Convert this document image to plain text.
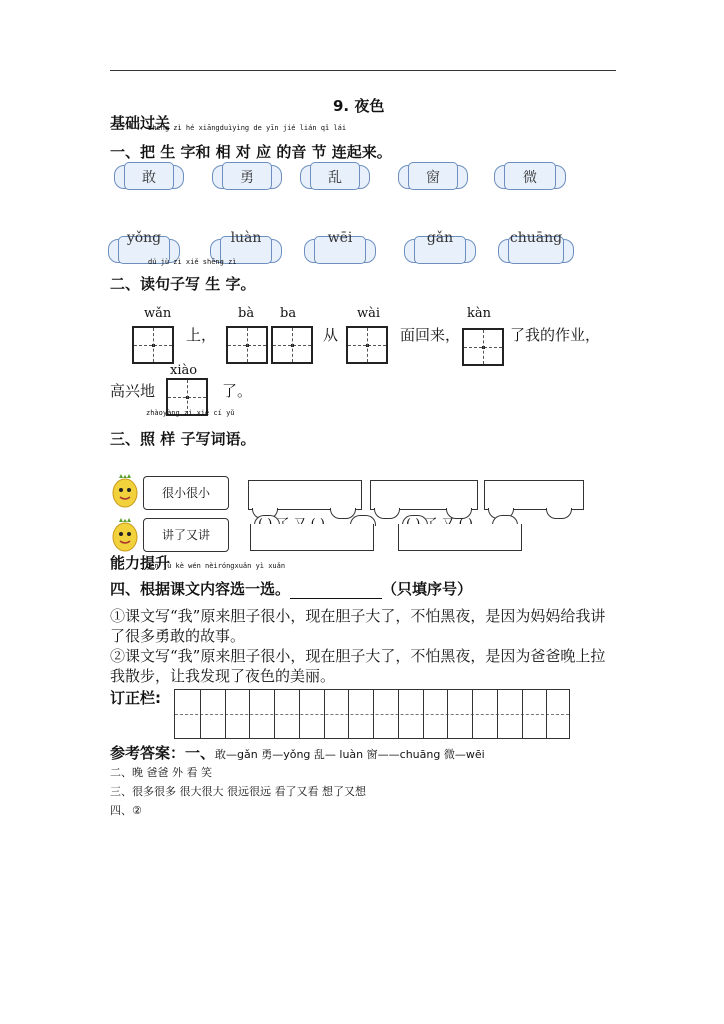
9. 夜色
基础过关
shēng zì hé xiāngduìyìng de yīn jié lián qǐ lái
一、把 生 字和 相 对 应 的音 节 连起来。
敢	勇	乱	窗	微
yǒng	luàn	wēi	gǎn	chuāng
dú jù zi xiě shēng zì
二、读句子写 生 字。
wǎn	bà ba	wài	kàn
上，	从	面回来，	了我的作业，
xiào
高兴地	了。
zhàoyàng zi xiě cí yǔ
三、照 样 子写词语。
很小很小
讲了又讲
能力提升
gēn jù kè wén nèiróngxuǎn yì xuǎn
四、根据课文内容选一选。	（只填序号）
①课文写“我”原来胆子很小，现在胆子大了，不怕黑夜，是因为妈妈给我讲了很多勇敢的故事。
②课文写“我”原来胆子很小，现在胆子大了，不怕黑夜，是因为爸爸晚上拉我散步，让我发现了夜色的美丽。
订正栏:
参考答案：一、敢—gǎn 勇—yǒng 乱— luàn 窗——chuāng 微—wēi
二、晚 爸爸 外 看 笑
三、很多很多 很大很大 很远很远 看了又看 想了又想
四、②
